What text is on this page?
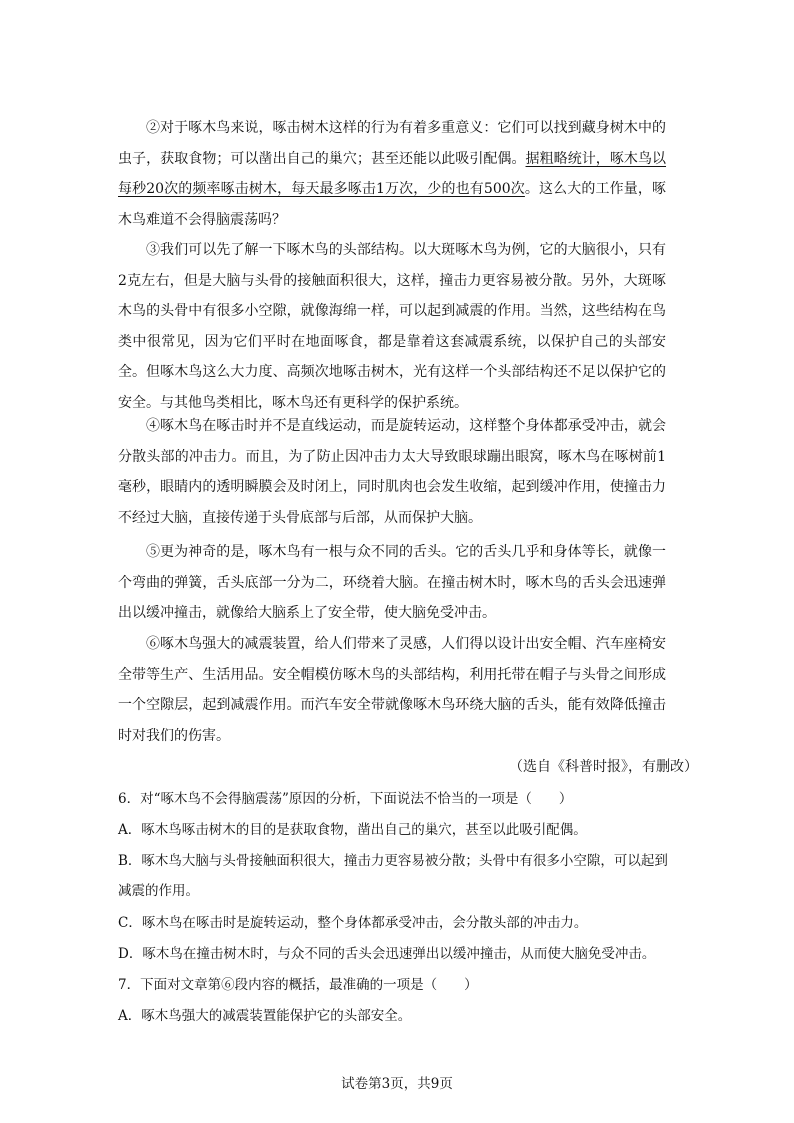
②对于啄木鸟来说，啄击树木这样的行为有着多重意义：它们可以找到藏身树木中的虫子，获取食物；可以凿出自己的巢穴；甚至还能以此吸引配偶。据粗略统计，啄木鸟以每秒20次的频率啄击树木，每天最多啄击1万次，少的也有500次。这么大的工作量，啄木鸟难道不会得脑震荡吗？

③我们可以先了解一下啄木鸟的头部结构。以大斑啄木鸟为例，它的大脑很小，只有2克左右，但是大脑与头骨的接触面积很大，这样，撞击力更容易被分散。另外，大斑啄木鸟的头骨中有很多小空隙，就像海绵一样，可以起到减震的作用。当然，这些结构在鸟类中很常见，因为它们平时在地面啄食，都是靠着这套减震系统，以保护自己的头部安全。但啄木鸟这么大力度、高频次地啄击树木，光有这样一个头部结构还不足以保护它的安全。与其他鸟类相比，啄木鸟还有更科学的保护系统。

④啄木鸟在啄击时并不是直线运动，而是旋转运动，这样整个身体都承受冲击，就会分散头部的冲击力。而且，为了防止因冲击力太大导致眼球蹦出眼窝，啄木鸟在啄树前1毫秒，眼睛内的透明瞬膜会及时闭上，同时肌肉也会发生收缩，起到缓冲作用，使撞击力不经过大脑，直接传递于头骨底部与后部，从而保护大脑。

⑤更为神奇的是，啄木鸟有一根与众不同的舌头。它的舌头几乎和身体等长，就像一个弯曲的弹簧，舌头底部一分为二，环绕着大脑。在撞击树木时，啄木鸟的舌头会迅速弹出以缓冲撞击，就像给大脑系上了安全带，使大脑免受冲击。

⑥啄木鸟强大的减震装置，给人们带来了灵感，人们得以设计出安全帽、汽车座椅安全带等生产、生活用品。安全帽模仿啄木鸟的头部结构，利用托带在帽子与头骨之间形成一个空隙层，起到减震作用。而汽车安全带就像啄木鸟环绕大脑的舌头，能有效降低撞击时对我们的伤害。

（选自《科普时报》，有删改）
6．对“啄木鸟不会得脑震荡”原因的分析，下面说法不恰当的一项是（　　）
A．啄木鸟啄击树木的目的是获取食物，凿出自己的巢穴，甚至以此吸引配偶。
B．啄木鸟大脑与头骨接触面积很大，撞击力更容易被分散；头骨中有很多小空隙，可以起到减震的作用。
C．啄木鸟在啄击时是旋转运动，整个身体都承受冲击，会分散头部的冲击力。
D．啄木鸟在撞击树木时，与众不同的舌头会迅速弹出以缓冲撞击，从而使大脑免受冲击。
7．下面对文章第⑥段内容的概括，最准确的一项是（　　）
A．啄木鸟强大的减震装置能保护它的头部安全。
试卷第3页，共9页
